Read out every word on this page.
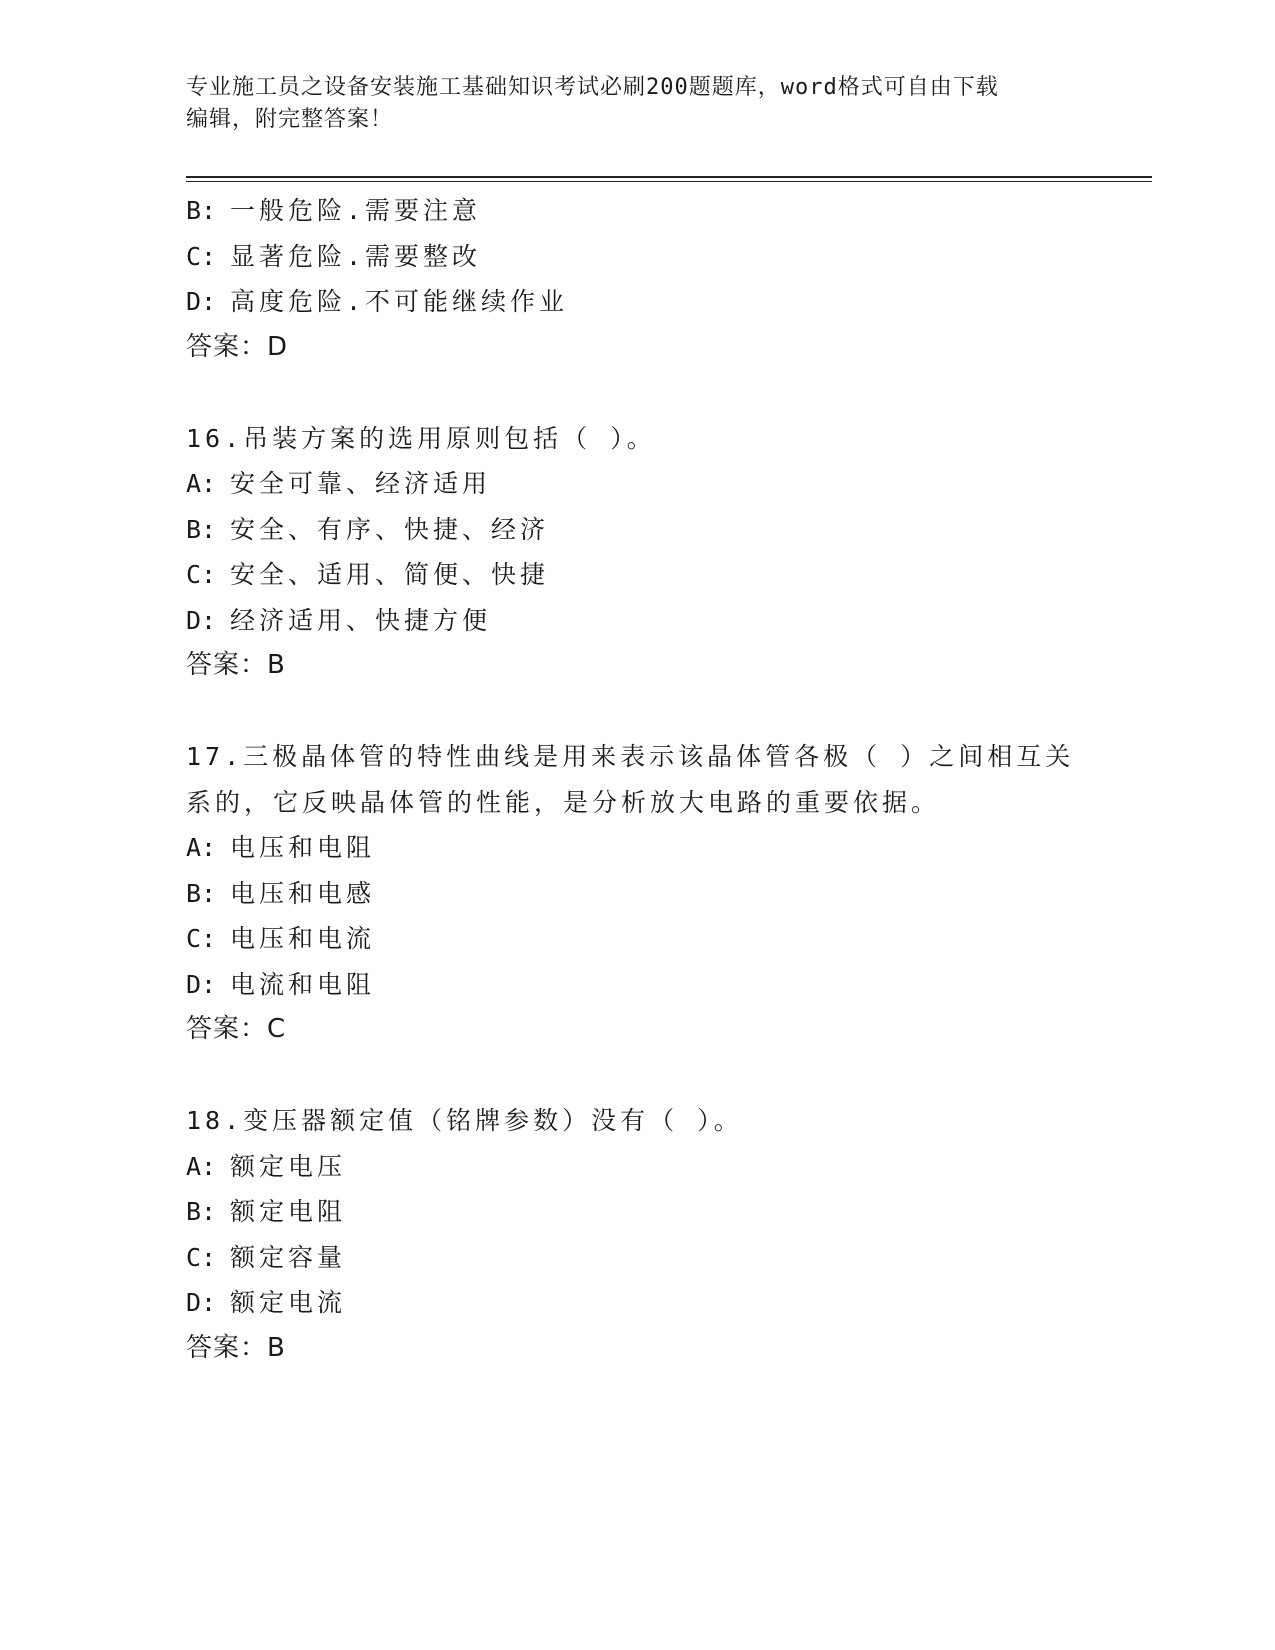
专业施工员之设备安装施工基础知识考试必刷200题题库，word格式可自由下载
编辑，附完整答案！
B: 一般危险.需要注意
C: 显著危险.需要整改
D: 高度危险.不可能继续作业
答案：D
16.吊装方案的选用原则包括（ ）。
A: 安全可靠、经济适用
B: 安全、有序、快捷、经济
C: 安全、适用、简便、快捷
D: 经济适用、快捷方便
答案：B
17.三极晶体管的特性曲线是用来表示该晶体管各极（ ）之间相互关
系的，它反映晶体管的性能，是分析放大电路的重要依据。
A: 电压和电阻
B: 电压和电感
C: 电压和电流
D: 电流和电阻
答案：C
18.变压器额定值（铭牌参数）没有（ ）。
A: 额定电压
B: 额定电阻
C: 额定容量
D: 额定电流
答案：B
